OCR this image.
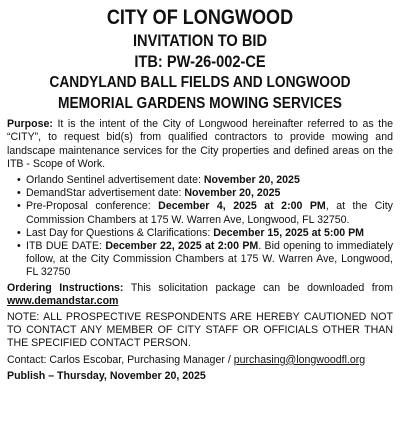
CITY OF LONGWOOD
INVITATION TO BID
ITB: PW-26-002-CE
CANDYLAND BALL FIELDS AND LONGWOOD
MEMORIAL GARDENS MOWING SERVICES

Purpose: It is the intent of the City of Longwood hereinafter referred to as the “CITY”, to request bid(s) from qualified contractors to provide mowing and landscape maintenance services for the City properties and defined areas on the ITB - Scope of Work.

• Orlando Sentinel advertisement date: November 20, 2025
• DemandStar advertisement date: November 20, 2025
• Pre-Proposal conference: December 4, 2025 at 2:00 PM, at the City Commission Chambers at 175 W. Warren Ave, Longwood, FL 32750.
• Last Day for Questions & Clarifications: December 15, 2025 at 5:00 PM
• ITB DUE DATE: December 22, 2025 at 2:00 PM. Bid opening to immediately follow, at the City Commission Chambers at 175 W. Warren Ave, Longwood, FL 32750

Ordering Instructions: This solicitation package can be downloaded from www.demandstar.com

NOTE: ALL PROSPECTIVE RESPONDENTS ARE HEREBY CAUTIONED NOT TO CONTACT ANY MEMBER OF CITY STAFF OR OFFICIALS OTHER THAN THE SPECIFIED CONTACT PERSON.

Contact: Carlos Escobar, Purchasing Manager / purchasing@longwoodfl.org

Publish – Thursday, November 20, 2025
